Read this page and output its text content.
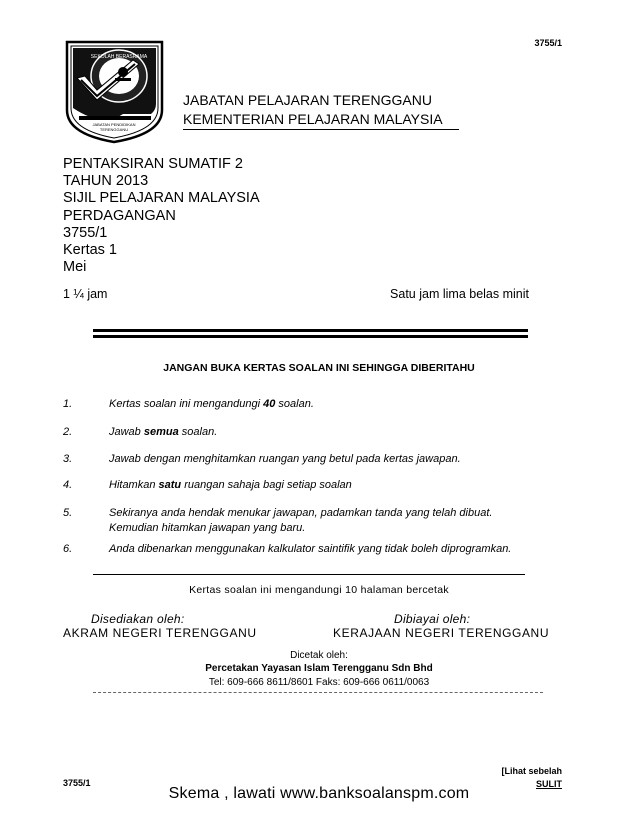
3755/1
SEKOLAH BERASRAMA
JABATAN PENDIDIKAN
TERENGGANU
JABATAN PELAJARAN TERENGGANU
KEMENTERIAN PELAJARAN MALAYSIA
PENTAKSIRAN SUMATIF 2
TAHUN 2013
SIJIL PELAJARAN MALAYSIA
PERDAGANGAN
3755/1
Kertas 1
Mei
1 ¼ jam	Satu jam lima belas minit
JANGAN BUKA KERTAS SOALAN INI SEHINGGA DIBERITAHU
1.	Kertas soalan ini mengandungi 40 soalan.
2.	Jawab semua soalan.
3.	Jawab dengan menghitamkan ruangan yang betul pada kertas jawapan.
4.	Hitamkan satu ruangan sahaja bagi setiap soalan
5.	Sekiranya anda hendak menukar jawapan, padamkan tanda yang telah dibuat.
Kemudian hitamkan jawapan yang baru.
6.	Anda dibenarkan menggunakan kalkulator saintifik yang tidak boleh diprogramkan.
Kertas soalan ini mengandungi 10 halaman bercetak
Disediakan oleh:	Dibiayai oleh:
AKRAM NEGERI TERENGGANU	KERAJAAN NEGERI TERENGGANU
Dicetak oleh:
Percetakan Yayasan Islam Terengganu Sdn Bhd
Tel: 609-666 8611/8601 Faks: 609-666 0611/0063
[Lihat sebelah
SULIT
3755/1
Skema , lawati www.banksoalanspm.com
